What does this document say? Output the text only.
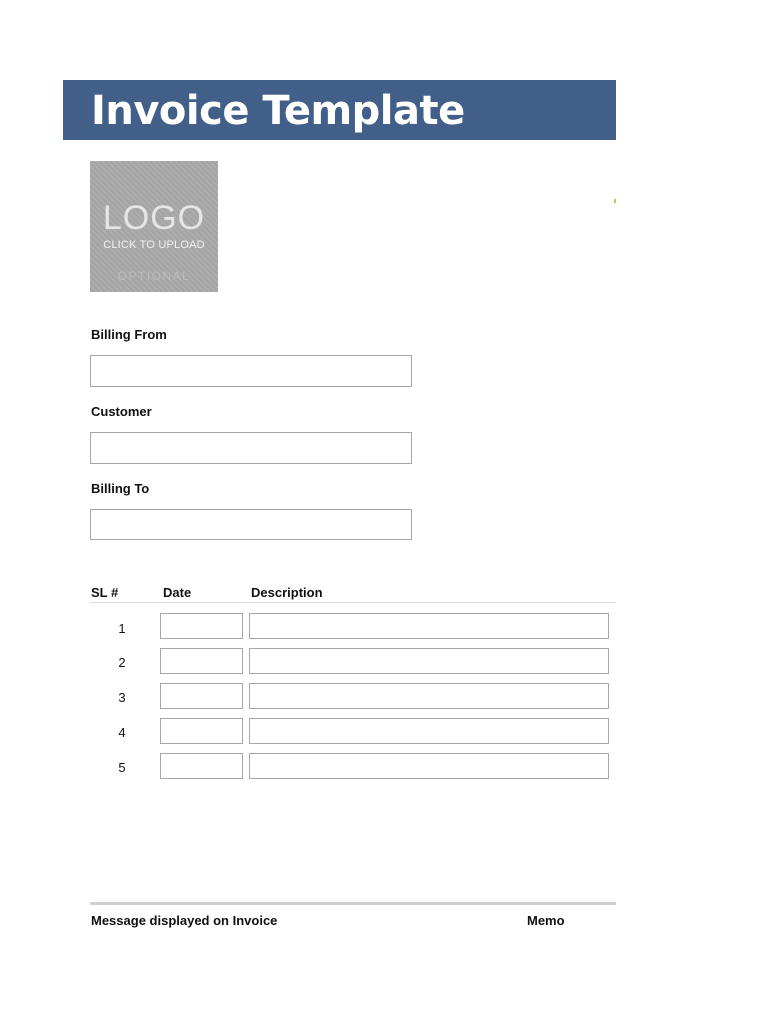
Invoice Template
LOGO
CLICK TO UPLOAD
OPTIONAL
Billing From
Customer
Billing To
SL #	Date	Description
1
2
3
4
5
Message displayed on Invoice	Memo
